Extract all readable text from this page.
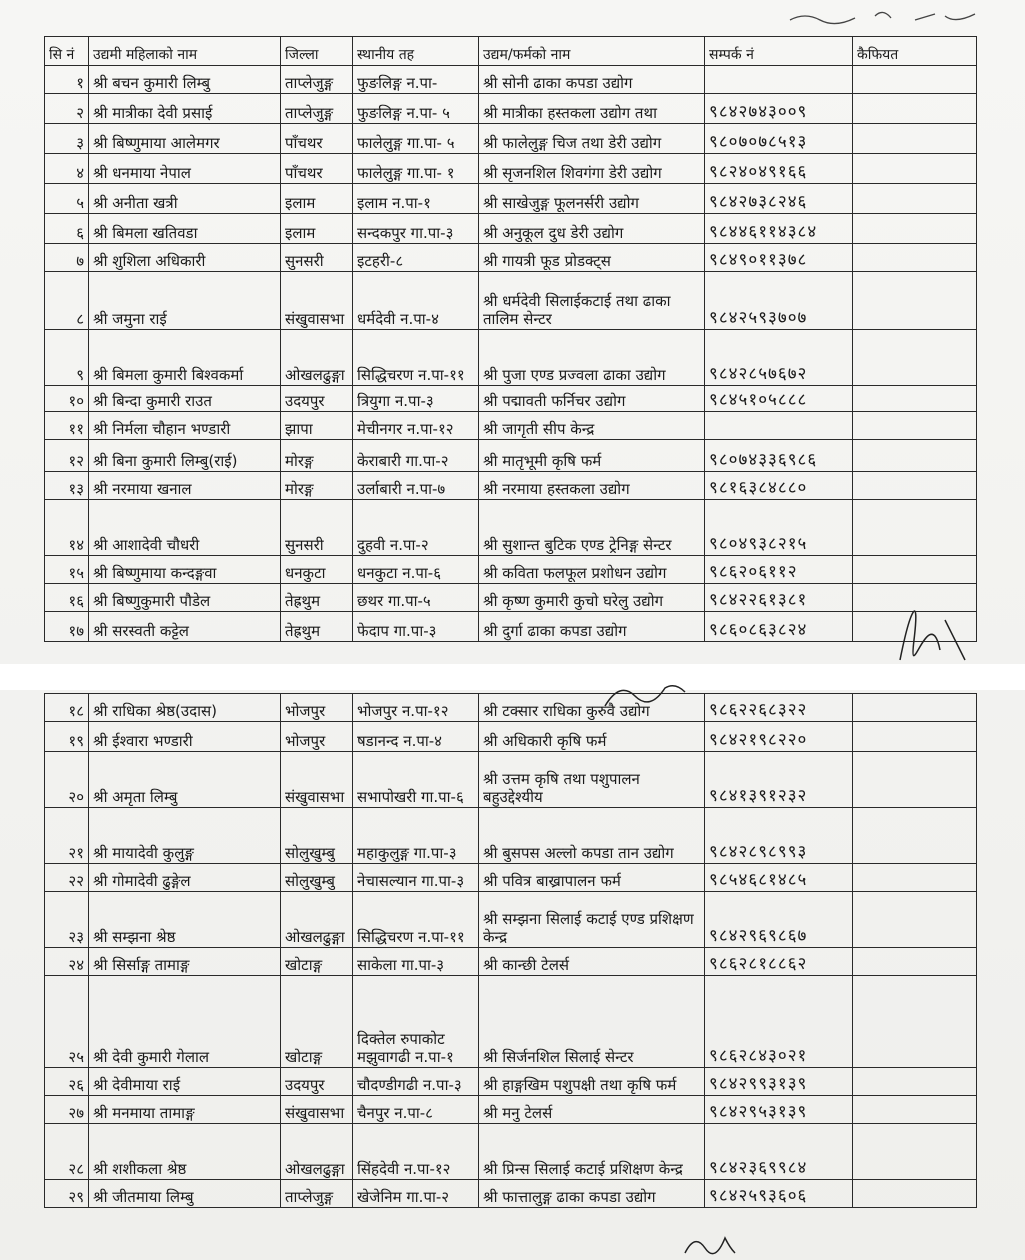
सि नं	उद्यमी महिलाको नाम	जिल्ला	स्थानीय तह	उद्यम/फर्मको नाम	सम्पर्क नं	कैफियत
१	श्री बचन कुमारी लिम्बु	ताप्लेजुङ्ग	फुङलिङ्ग न.पा-	श्री सोनी ढाका कपडा उद्योग		
२	श्री मात्रीका देवी प्रसाई	ताप्लेजुङ्ग	फुङलिङ्ग न.पा- ५	श्री मात्रीका हस्तकला उद्योग तथा	९८४२७४३००९	
३	श्री बिष्णुमाया आलेमगर	पाँचथर	फालेलुङ्ग गा.पा- ५	श्री फालेलुङ्ग चिज तथा डेरी उद्योग	९८०७०७८५१३	
४	श्री धनमाया नेपाल	पाँचथर	फालेलुङ्ग गा.पा- १	श्री सृजनशिल शिवगंगा डेरी उद्योग	९८२४०४९१६६	
५	श्री अनीता खत्री	इलाम	इलाम न.पा-१	श्री साखेजुङ्ग फूलनर्सरी उद्योग	९८४२७३८२४६	
६	श्री बिमला खतिवडा	इलाम	सन्दकपुर गा.पा-३	श्री अनुकूल दुध डेरी उद्योग	९८४४६११४३८४	
७	श्री शुशिला अधिकारी	सुनसरी	इटहरी-८	श्री गायत्री फूड प्रोडक्ट्स	९८४९०११३७८	
८	श्री जमुना राई	संखुवासभा	धर्मदेवी न.पा-४	श्री धर्मदेवी सिलाईकटाई तथा ढाका तालिम सेन्टर	९८४२५९३७०७	
९	श्री बिमला कुमारी बिश्वकर्मा	ओखलढुङ्गा	सिद्धिचरण न.पा-११	श्री पुजा एण्ड प्रज्वला ढाका उद्योग	९८४२८५७६७२	
१०	श्री बिन्दा कुमारी राउत	उदयपुर	त्रियुगा न.पा-३	श्री पद्मावती फर्निचर उद्योग	९८४५१०५८८८	
११	श्री निर्मला चौहान भण्डारी	झापा	मेचीनगर न.पा-१२	श्री जागृती सीप केन्द्र		
१२	श्री बिना कुमारी लिम्बु(राई)	मोरङ्ग	केराबारी गा.पा-२	श्री मातृभूमी कृषि फर्म	९८०७४३३६९८६	
१३	श्री नरमाया खनाल	मोरङ्ग	उर्लाबारी न.पा-७	श्री नरमाया हस्तकला उद्योग	९८१६३८४८८०	
१४	श्री आशादेवी चौधरी	सुनसरी	दुहवी न.पा-२	श्री सुशान्त बुटिक एण्ड ट्रेनिङ्ग सेन्टर	९८०४९३८२१५	
१५	श्री बिष्णुमाया कन्दङ्गवा	धनकुटा	धनकुटा न.पा-६	श्री कविता फलफूल प्रशोधन उद्योग	९८६२०६११२	
१६	श्री बिष्णुकुमारी पौडेल	तेह्रथुम	छथर गा.पा-५	श्री कृष्ण कुमारी कुचो घरेलु उद्योग	९८४२२६१३८१	
१७	श्री सरस्वती कट्टेल	तेह्रथुम	फेदाप गा.पा-३	श्री दुर्गा ढाका कपडा उद्योग	९८६०८६३८२४	
१८	श्री राधिका श्रेष्ठ(उदास)	भोजपुर	भोजपुर न.पा-१२	श्री टक्सार राधिका कुरुवै उद्योग	९८६२२६८३२२	
१९	श्री ईश्वारा भण्डारी	भोजपुर	षडानन्द न.पा-४	श्री अधिकारी कृषि फर्म	९८४२१९८२२०	
२०	श्री अमृता लिम्बु	संखुवासभा	सभापोखरी गा.पा-६	श्री उत्तम कृषि तथा पशुपालन बहुउद्देश्यीय	९८४१३९१२३२	
२१	श्री मायादेवी कुलुङ्ग	सोलुखुम्बु	महाकुलुङ्ग गा.पा-३	श्री बुसपस अल्लो कपडा तान उद्योग	९८४२८९८९९३	
२२	श्री गोमादेवी ढुङ्गेल	सोलुखुम्बु	नेचासल्यान गा.पा-३	श्री पवित्र बाख्रापालन फर्म	९८५४६८१४८५	
२३	श्री सम्झना श्रेष्ठ	ओखलढुङ्गा	सिद्धिचरण न.पा-११	श्री सम्झना सिलाई कटाई एण्ड प्रशिक्षण केन्द्र	९८४२९६९८६७	
२४	श्री सिर्साङ्ग तामाङ्ग	खोटाङ्ग	साकेला गा.पा-३	श्री कान्छी टेलर्स	९८६२८१८८६२	
२५	श्री देवी कुमारी गेलाल	खोटाङ्ग	दिक्तेल रुपाकोट मझुवागढी न.पा-१	श्री सिर्जनशिल सिलाई सेन्टर	९८६२८४३०२१	
२६	श्री देवीमाया राई	उदयपुर	चौदण्डीगढी न.पा-३	श्री हाङ्गखिम पशुपक्षी तथा कृषि फर्म	९८४२९९३१३९	
२७	श्री मनमाया तामाङ्ग	संखुवासभा	चैनपुर न.पा-८	श्री मनु टेलर्स	९८४२९५३१३९	
२८	श्री शशीकला श्रेष्ठ	ओखलढुङ्गा	सिंहदेवी न.पा-१२	श्री प्रिन्स सिलाई कटाई प्रशिक्षण केन्द्र	९८४२३६९९८४	
२९	श्री जीतमाया लिम्बु	ताप्लेजुङ्ग	खेजेनिम गा.पा-२	श्री फात्तालुङ्ग ढाका कपडा उद्योग	९८४२५९३६०६	
